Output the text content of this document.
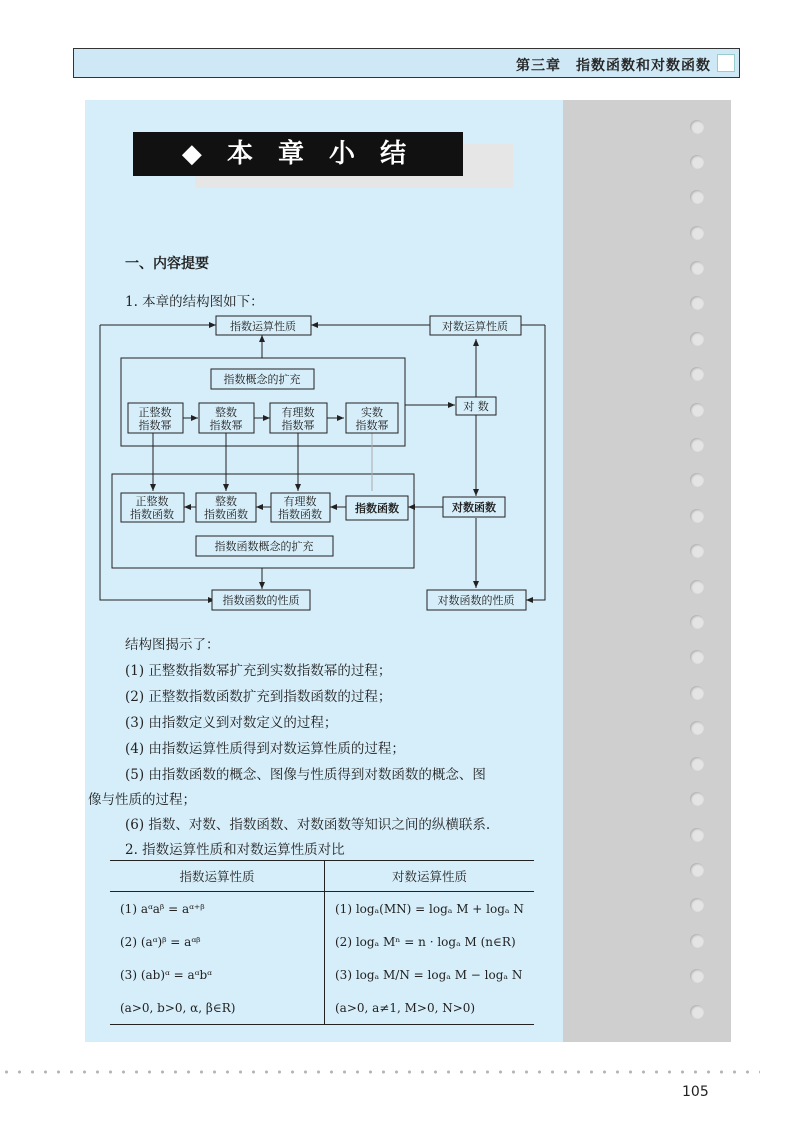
第三章　指数函数和对数函数
◆ 本 章 小 结
一、内容提要
1. 本章的结构图如下：
指数运算性质	对数运算性质
指数概念的扩充
正整数
指数幂
整数
指数幂
有理数
指数幂
实数
指数幂
对 数
正整数
指数函数
整数
指数函数
有理数
指数函数	指数函数	对数函数
指数函数概念的扩充
指数函数的性质	对数函数的性质
结构图揭示了：
(1) 正整数指数幂扩充到实数指数幂的过程；
(2) 正整数指数函数扩充到指数函数的过程；
(3) 由指数定义到对数定义的过程；
(4) 由指数运算性质得到对数运算性质的过程；
(5) 由指数函数的概念、图像与性质得到对数函数的概念、图
像与性质的过程；
(6) 指数、对数、指数函数、对数函数等知识之间的纵横联系.
2. 指数运算性质和对数运算性质对比
指数运算性质	对数运算性质
(1) aᵅaᵝ = aᵅ⁺ᵝ	(1) logₐ(MN) = logₐ M + logₐ N
(2) (aᵅ)ᵝ = aᵅᵝ	(2) logₐ Mⁿ = n · logₐ M (n∈R)
(3) (ab)ᵅ = aᵅbᵅ	(3) logₐ M/N = logₐ M − logₐ N
(a>0, b>0, α, β∈R)	(a>0, a≠1, M>0, N>0)
105
